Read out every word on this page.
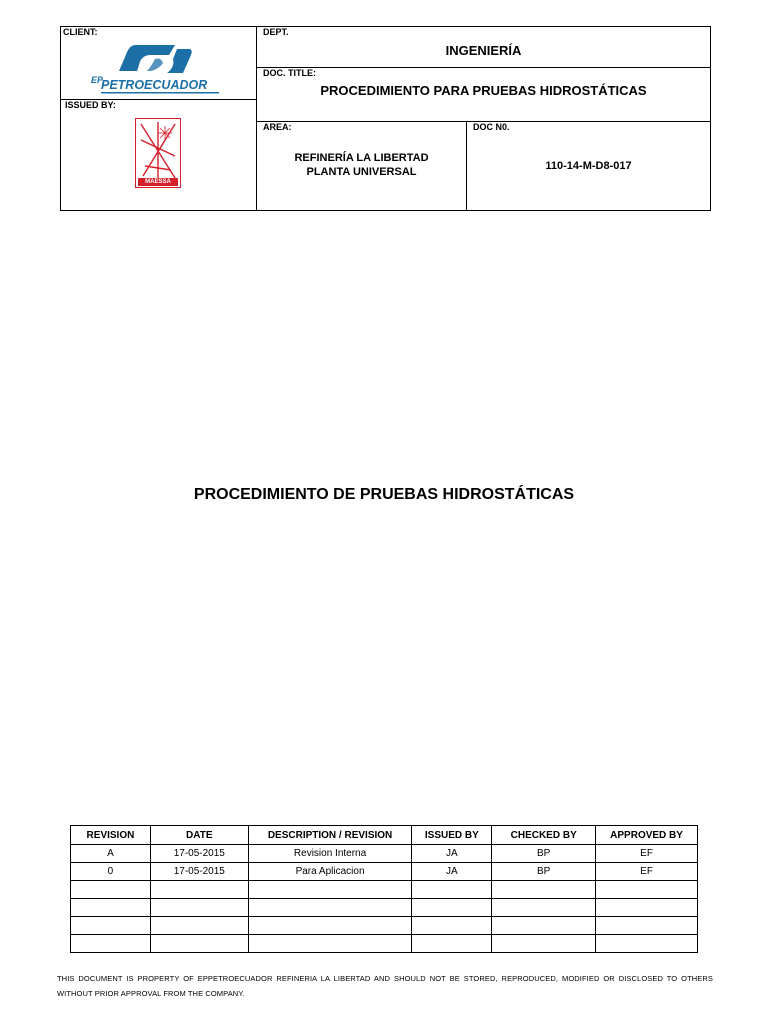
CLIENT:
EP
PETROECUADOR
ISSUED BY:
MAESSA
DEPT.
INGENIERÍA
DOC. TITLE:
PROCEDIMIENTO PARA PRUEBAS HIDROSTÁTICAS
AREA:
REFINERÍA LA LIBERTAD
PLANTA UNIVERSAL
DOC N0.
110-14-M-D8-017
PROCEDIMIENTO DE PRUEBAS HIDROSTÁTICAS
REVISION	DATE	DESCRIPTION / REVISION	ISSUED BY	CHECKED BY	APPROVED BY
A	17-05-2015	Revision Interna	JA	BP	EF
0	17-05-2015	Para Aplicacion	JA	BP	EF

THIS DOCUMENT IS PROPERTY OF EPPETROECUADOR REFINERIA LA LIBERTAD AND SHOULD NOT BE STORED, REPRODUCED, MODIFIED OR DISCLOSED TO OTHERS WITHOUT PRIOR APPROVAL FROM THE COMPANY.
